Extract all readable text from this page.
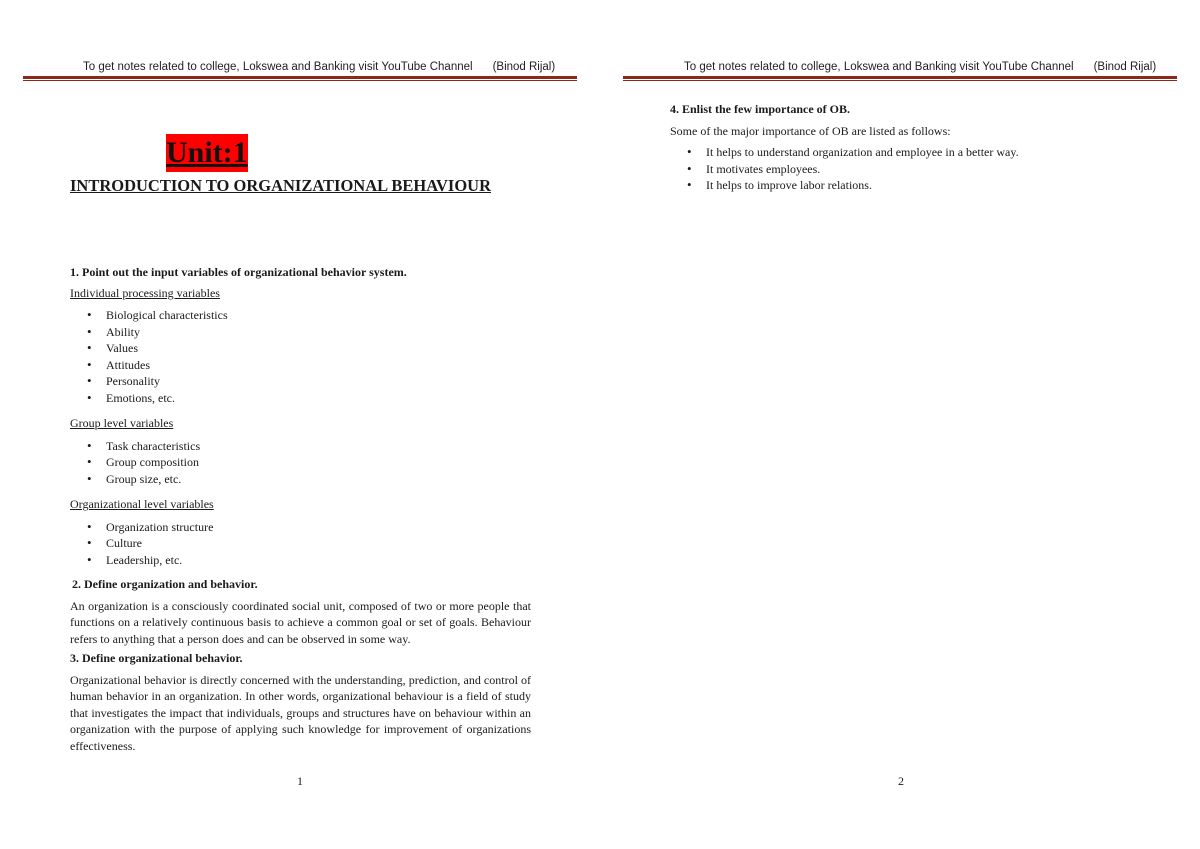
To get notes related to college, Lokswea and Banking visit YouTube Channel (Binod Rijal)
Unit:1
INTRODUCTION TO ORGANIZATIONAL BEHAVIOUR
1. Point out the input variables of organizational behavior system.
Individual processing variables
• Biological characteristics
• Ability
• Values
• Attitudes
• Personality
• Emotions, etc.
Group level variables
• Task characteristics
• Group composition
• Group size, etc.
Organizational level variables
• Organization structure
• Culture
• Leadership, etc.
2. Define organization and behavior.
An organization is a consciously coordinated social unit, composed of two or more people that functions on a relatively continuous basis to achieve a common goal or set of goals. Behaviour refers to anything that a person does and can be observed in some way.
3. Define organizational behavior.
Organizational behavior is directly concerned with the understanding, prediction, and control of human behavior in an organization. In other words, organizational behaviour is a field of study that investigates the impact that individuals, groups and structures have on behaviour within an organization with the purpose of applying such knowledge for improvement of organizations effectiveness.
1
To get notes related to college, Lokswea and Banking visit YouTube Channel (Binod Rijal)
4. Enlist the few importance of OB.
Some of the major importance of OB are listed as follows:
• It helps to understand organization and employee in a better way.
• It motivates employees.
• It helps to improve labor relations.
2
